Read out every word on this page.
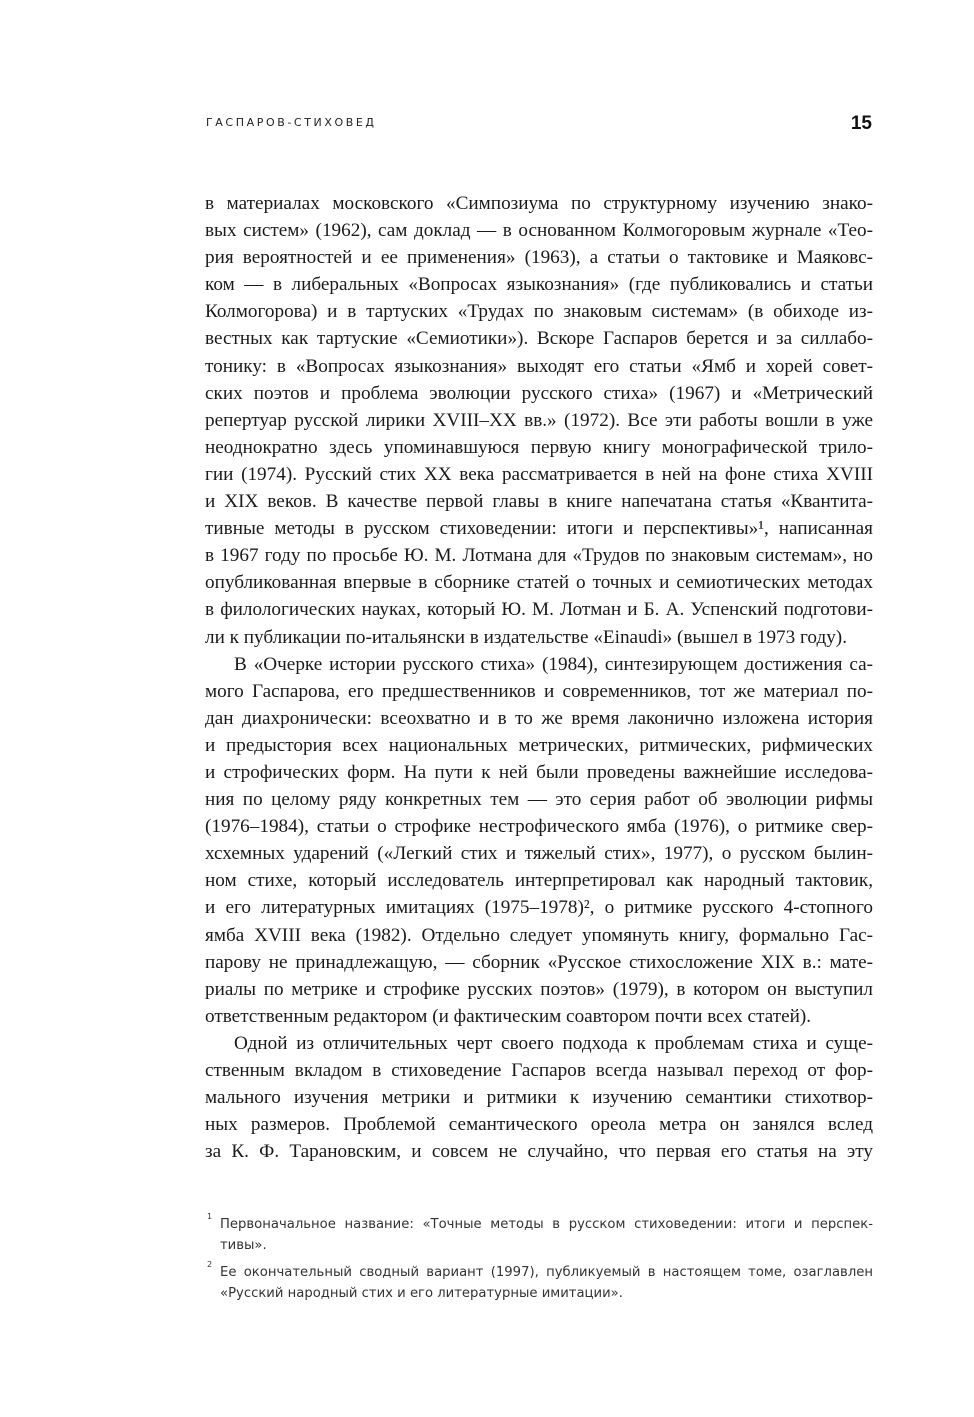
ГАСПАРОВ-СТИХОВЕД	15
в материалах московского «Симпозиума по структурному изучению знако-
вых систем» (1962), сам доклад — в основанном Колмогоровым журнале «Тео-
рия вероятностей и ее применения» (1963), а статьи о тактовике и Маяковс-
ком — в либеральных «Вопросах языкознания» (где публиковались и статьи
Колмогорова) и в тартуских «Трудах по знаковым системам» (в обиходе из-
вестных как тартуские «Семиотики»). Вскоре Гаспаров берется и за силлабо-
тонику: в «Вопросах языкознания» выходят его статьи «Ямб и хорей совет-
ских поэтов и проблема эволюции русского стиха» (1967) и «Метрический
репертуар русской лирики XVIII–XX вв.» (1972). Все эти работы вошли в уже
неоднократно здесь упоминавшуюся первую книгу монографической трило-
гии (1974). Русский стих XX века рассматривается в ней на фоне стиха XVIII
и XIX веков. В качестве первой главы в книге напечатана статья «Квантита-
тивные методы в русском стиховедении: итоги и перспективы»¹, написанная
в 1967 году по просьбе Ю. М. Лотмана для «Трудов по знаковым системам», но
опубликованная впервые в сборнике статей о точных и семиотических методах
в филологических науках, который Ю. М. Лотман и Б. А. Успенский подготови-
ли к публикации по-итальянски в издательстве «Einaudi» (вышел в 1973 году).
В «Очерке истории русского стиха» (1984), синтезирующем достижения са-
мого Гаспарова, его предшественников и современников, тот же материал по-
дан диахронически: всеохватно и в то же время лаконично изложена история
и предыстория всех национальных метрических, ритмических, рифмических
и строфических форм. На пути к ней были проведены важнейшие исследова-
ния по целому ряду конкретных тем — это серия работ об эволюции рифмы
(1976–1984), статьи о строфике нестрофического ямба (1976), о ритмике свер-
хсхемных ударений («Легкий стих и тяжелый стих», 1977), о русском былин-
ном стихе, который исследователь интерпретировал как народный тактовик,
и его литературных имитациях (1975–1978)², о ритмике русского 4-стопного
ямба XVIII века (1982). Отдельно следует упомянуть книгу, формально Гас-
парову не принадлежащую, — сборник «Русское стихосложение XIX в.: мате-
риалы по метрике и строфике русских поэтов» (1979), в котором он выступил
ответственным редактором (и фактическим соавтором почти всех статей).
Одной из отличительных черт своего подхода к проблемам стиха и суще-
ственным вкладом в стиховедение Гаспаров всегда называл переход от фор-
мального изучения метрики и ритмики к изучению семантики стихотвор-
ных размеров. Проблемой семантического ореола метра он занялся вслед
за К. Ф. Тарановским, и совсем не случайно, что первая его статья на эту
1
Первоначальное название: «Точные методы в русском стиховедении: итоги и перспек-
тивы».
2
Ее окончательный сводный вариант (1997), публикуемый в настоящем томе, озаглавлен
«Русский народный стих и его литературные имитации».
